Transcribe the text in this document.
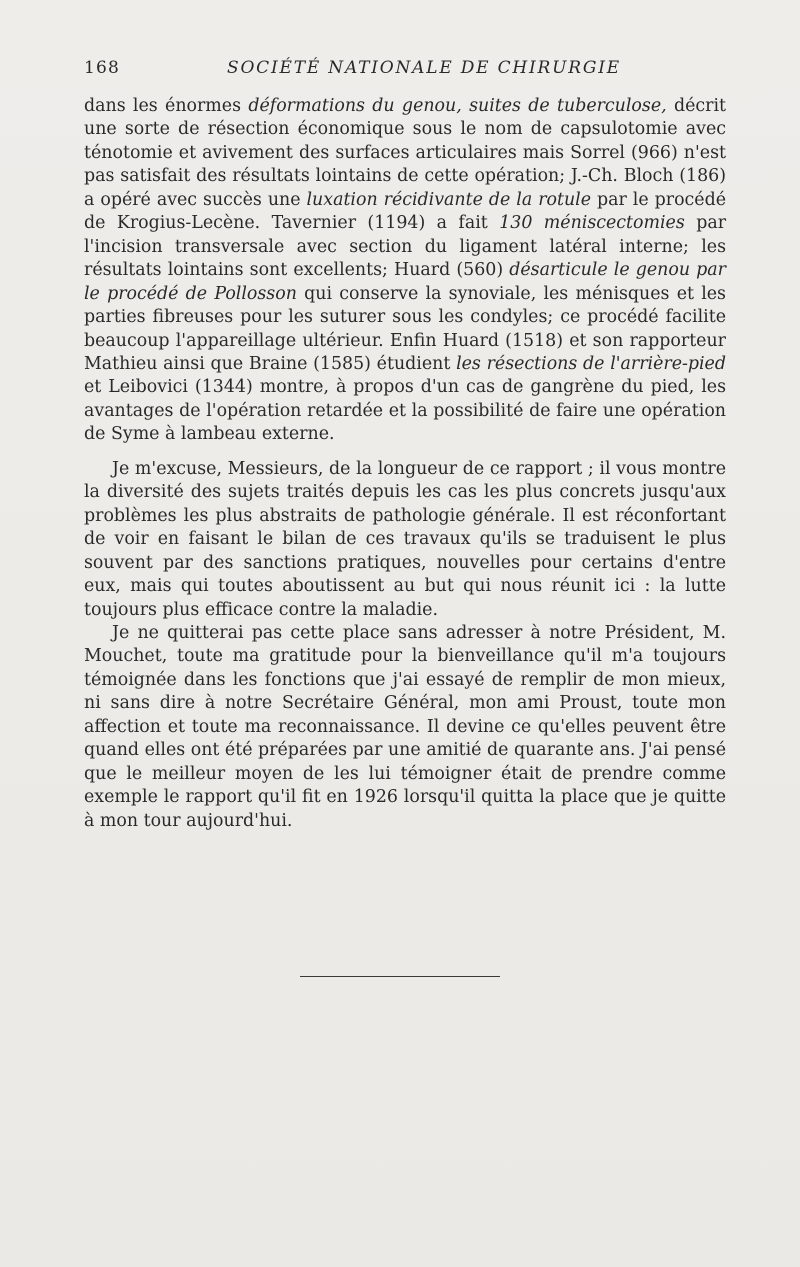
168	SOCIÉTÉ NATIONALE DE CHIRURGIE

dans les énormes déformations du genou, suites de tuberculose, décrit une sorte de résection économique sous le nom de capsulotomie avec ténotomie et avivement des surfaces articulaires mais Sorrel (966) n'est pas satisfait des résultats lointains de cette opération; J.-Ch. Bloch (186) a opéré avec succès une luxation récidivante de la rotule par le procédé de Krogius-Lecène. Tavernier (1194) a fait 130 méniscectomies par l'incision transversale avec section du ligament latéral interne; les résultats lointains sont excellents; Huard (560) désarticule le genou par le procédé de Pollosson qui conserve la synoviale, les ménisques et les parties fibreuses pour les suturer sous les condyles; ce procédé facilite beaucoup l'appareillage ultérieur. Enfin Huard (1518) et son rapporteur Mathieu ainsi que Braine (1585) étudient les résections de l'arrière-pied et Leibovici (1344) montre, à propos d'un cas de gangrène du pied, les avantages de l'opération retardée et la possibilité de faire une opération de Syme à lambeau externe.

Je m'excuse, Messieurs, de la longueur de ce rapport ; il vous montre la diversité des sujets traités depuis les cas les plus concrets jusqu'aux problèmes les plus abstraits de pathologie générale. Il est réconfortant de voir en faisant le bilan de ces travaux qu'ils se traduisent le plus souvent par des sanctions pratiques, nouvelles pour certains d'entre eux, mais qui toutes aboutissent au but qui nous réunit ici : la lutte toujours plus efficace contre la maladie.

Je ne quitterai pas cette place sans adresser à notre Président, M. Mouchet, toute ma gratitude pour la bienveillance qu'il m'a toujours témoignée dans les fonctions que j'ai essayé de remplir de mon mieux, ni sans dire à notre Secrétaire Général, mon ami Proust, toute mon affection et toute ma reconnaissance. Il devine ce qu'elles peuvent être quand elles ont été préparées par une amitié de quarante ans. J'ai pensé que le meilleur moyen de les lui témoigner était de prendre comme exemple le rapport qu'il fit en 1926 lorsqu'il quitta la place que je quitte à mon tour aujourd'hui.
